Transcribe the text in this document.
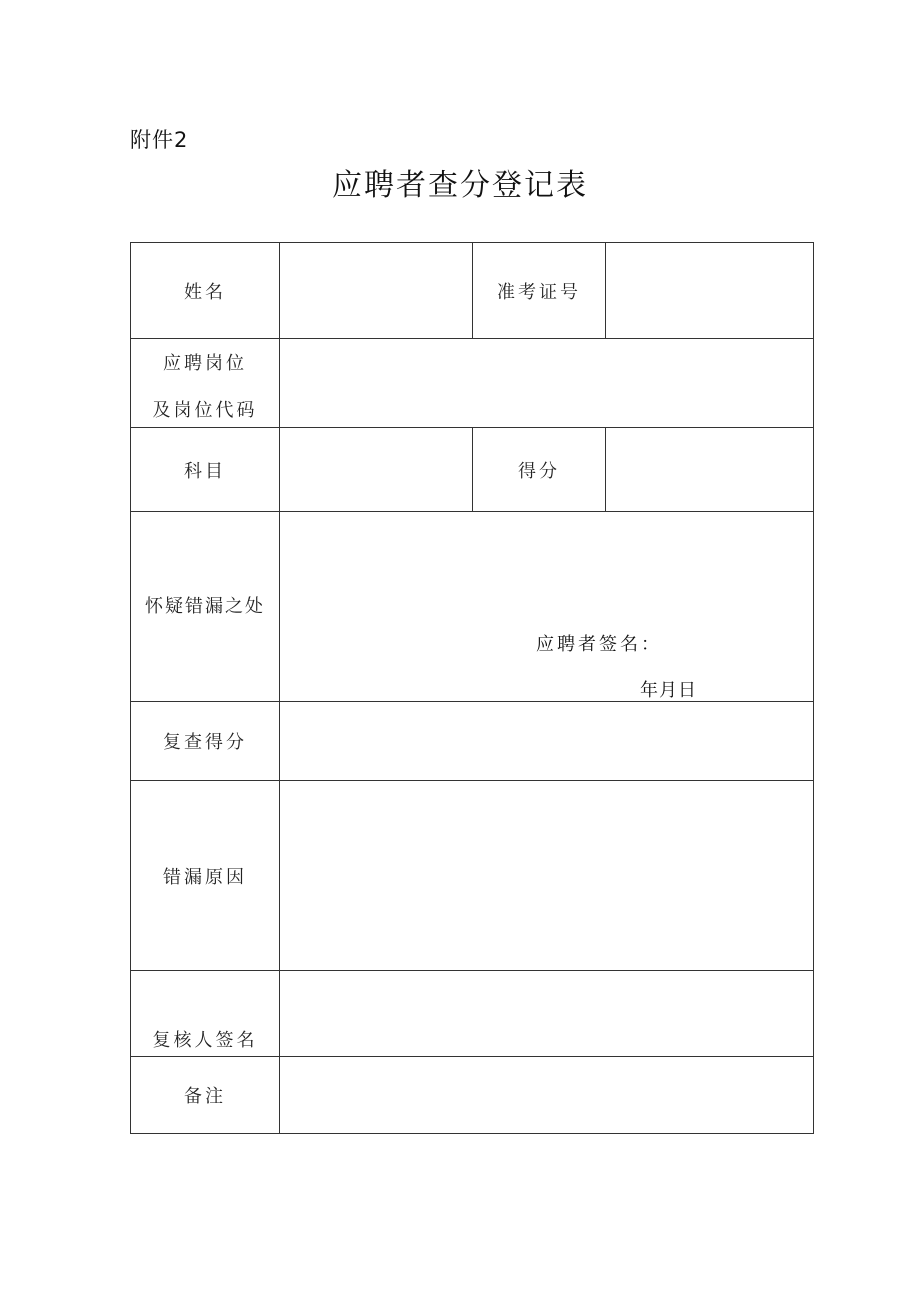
附件2
应聘者查分登记表
姓名		准考证号	

应聘岗位
及岗位代码			

科目		得分	

怀疑错漏之处	应聘者签名：
年月日		

复查得分			
错漏原因			

复核人签名			

备注			
